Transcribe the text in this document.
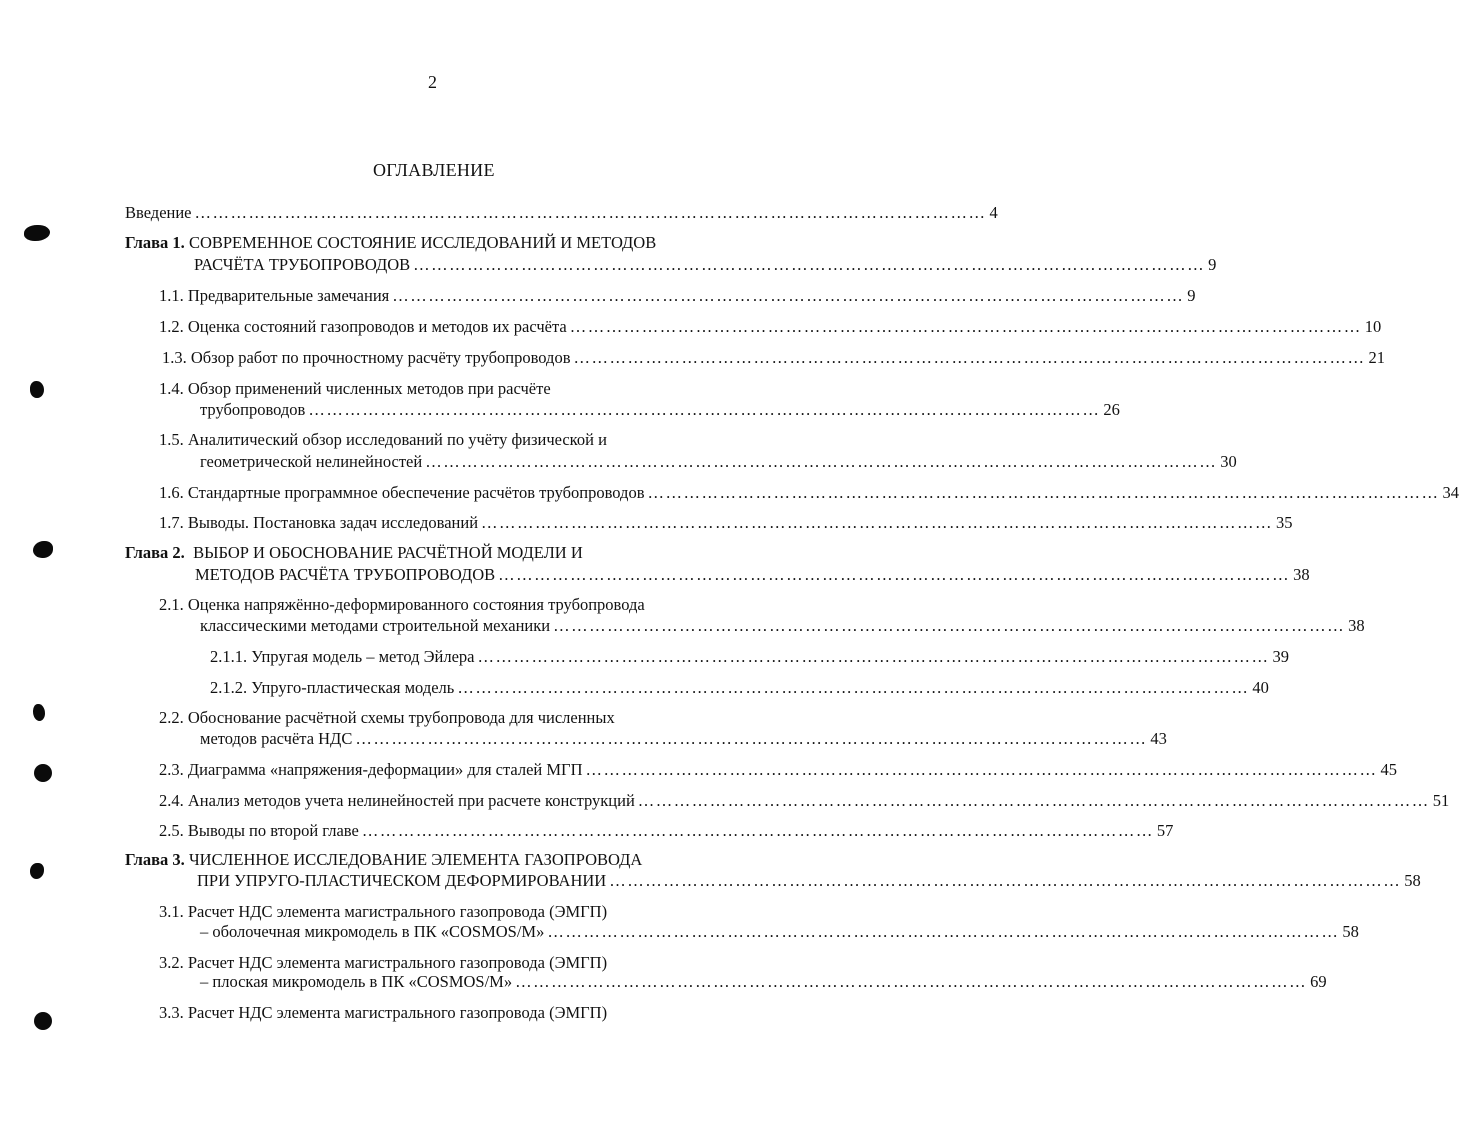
2
ОГЛАВЛЕНИЕ
Введение …………………………………………………………………………………………………………………… 4
Глава 1.
СОВРЕМЕННОЕ СОСТОЯНИЕ ИССЛЕДОВАНИЙ И МЕТОДОВ
РАСЧЁТА ТРУБОПРОВОДОВ …………………………………………………………………………………………………………………… 9
1.1. Предварительные замечания …………………………………………………………………………………………………………………… 9
1.2. Оценка состояний газопроводов и методов их расчёта …………………………………………………………………………………………………………………… 10
1.3. Обзор работ по прочностному расчёту трубопроводов …………………………………………………………………………………………………………………… 21
1.4. Обзор применений численных методов при расчёте
трубопроводов …………………………………………………………………………………………………………………… 26
1.5. Аналитический обзор исследований по учёту физической и
геометрической нелинейностей …………………………………………………………………………………………………………………… 30
1.6. Стандартные программное обеспечение расчётов трубопроводов …………………………………………………………………………………………………………………… 34
1.7. Выводы. Постановка задач исследований …………………………………………………………………………………………………………………… 35
Глава 2.
ВЫБОР И ОБОСНОВАНИЕ РАСЧЁТНОЙ МОДЕЛИ И
МЕТОДОВ РАСЧЁТА ТРУБОПРОВОДОВ …………………………………………………………………………………………………………………… 38
2.1. Оценка напряжённо-деформированного состояния трубопровода
классическими методами строительной механики …………………………………………………………………………………………………………………… 38
2.1.1. Упругая модель – метод Эйлера …………………………………………………………………………………………………………………… 39
2.1.2. Упруго-пластическая модель …………………………………………………………………………………………………………………… 40
2.2. Обоснование расчётной схемы трубопровода для численных
методов расчёта НДС …………………………………………………………………………………………………………………… 43
2.3. Диаграмма «напряжения-деформации» для сталей МГП …………………………………………………………………………………………………………………… 45
2.4. Анализ методов учета нелинейностей при расчете конструкций …………………………………………………………………………………………………………………… 51
2.5. Выводы по второй главе …………………………………………………………………………………………………………………… 57
Глава 3.
ЧИСЛЕННОЕ ИССЛЕДОВАНИЕ ЭЛЕМЕНТА ГАЗОПРОВОДА
ПРИ УПРУГО-ПЛАСТИЧЕСКОМ ДЕФОРМИРОВАНИИ …………………………………………………………………………………………………………………… 58
3.1. Расчет НДС элемента магистрального газопровода (ЭМГП)
– оболочечная микромодель в ПК «COSMOS/M» …………………………………………………………………………………………………………………… 58
3.2. Расчет НДС элемента магистрального газопровода (ЭМГП)
– плоская микромодель в ПК «COSMOS/M» …………………………………………………………………………………………………………………… 69
3.3. Расчет НДС элемента магистрального газопровода (ЭМГП)
